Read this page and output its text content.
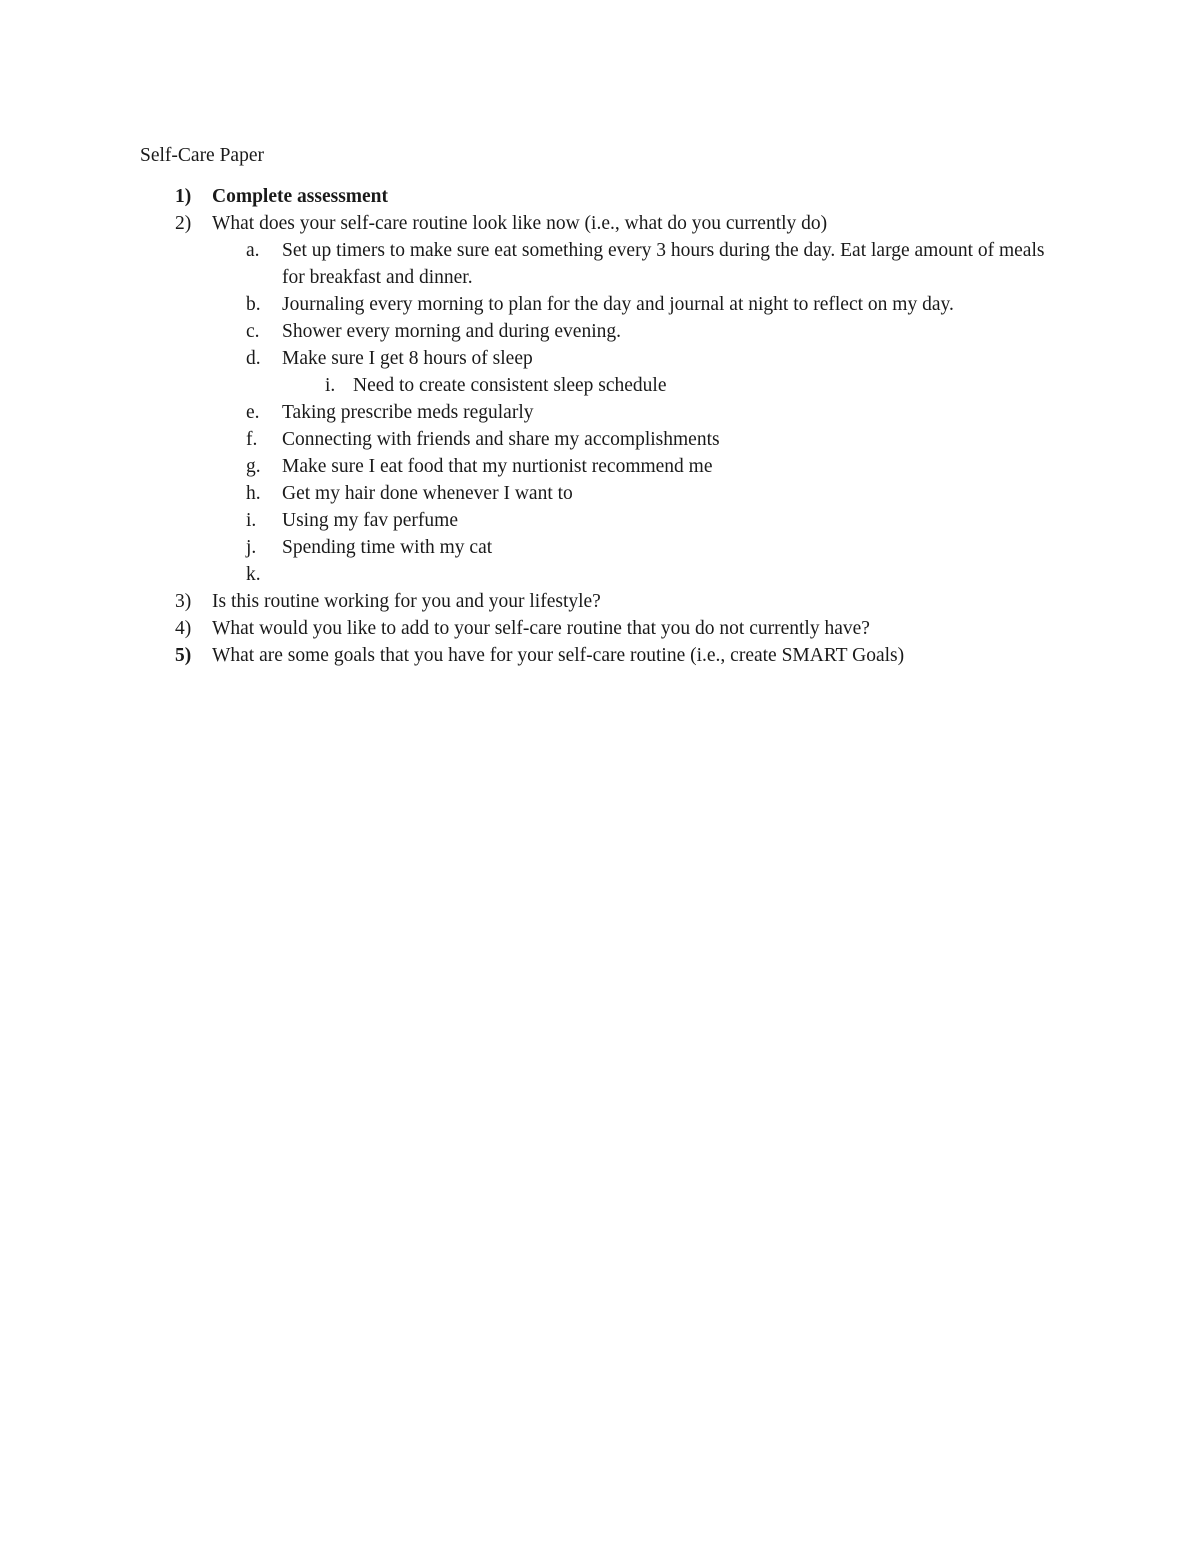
Self-Care Paper
1) Complete assessment
2) What does your self-care routine look like now (i.e., what do you currently do)
a. Set up timers to make sure eat something every 3 hours during the day. Eat large amount of meals for breakfast and dinner.
b. Journaling every morning to plan for the day and journal at night to reflect on my day.
c. Shower every morning and during evening.
d. Make sure I get 8 hours of sleep
i. Need to create consistent sleep schedule
e. Taking prescribe meds regularly
f. Connecting with friends and share my accomplishments
g. Make sure I eat food that my nurtionist recommend me
h. Get my hair done whenever I want to
i. Using my fav perfume
j. Spending time with my cat
k.
3) Is this routine working for you and your lifestyle?
4) What would you like to add to your self-care routine that you do not currently have?
5) What are some goals that you have for your self-care routine (i.e., create SMART Goals)
